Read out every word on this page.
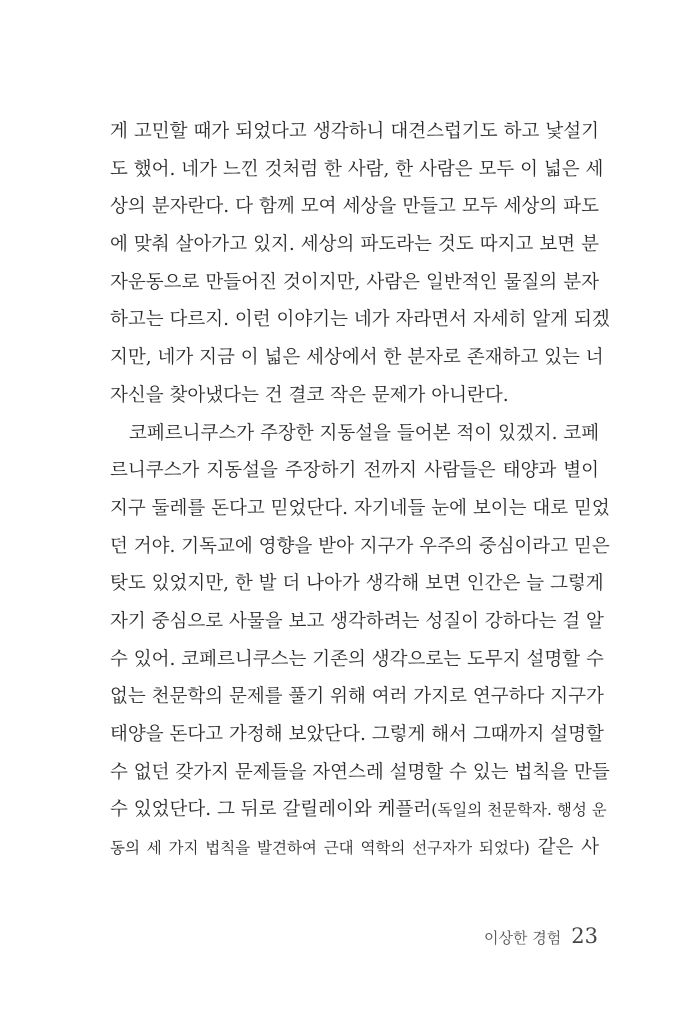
게 고민할 때가 되었다고 생각하니 대견스럽기도 하고 낯설기
도 했어. 네가 느낀 것처럼 한 사람, 한 사람은 모두 이 넓은 세
상의 분자란다. 다 함께 모여 세상을 만들고 모두 세상의 파도
에 맞춰 살아가고 있지. 세상의 파도라는 것도 따지고 보면 분
자운동으로 만들어진 것이지만, 사람은 일반적인 물질의 분자
하고는 다르지. 이런 이야기는 네가 자라면서 자세히 알게 되겠
지만, 네가 지금 이 넓은 세상에서 한 분자로 존재하고 있는 너
자신을 찾아냈다는 건 결코 작은 문제가 아니란다.
코페르니쿠스가 주장한 지동설을 들어본 적이 있겠지. 코페
르니쿠스가 지동설을 주장하기 전까지 사람들은 태양과 별이
지구 둘레를 돈다고 믿었단다. 자기네들 눈에 보이는 대로 믿었
던 거야. 기독교에 영향을 받아 지구가 우주의 중심이라고 믿은
탓도 있었지만, 한 발 더 나아가 생각해 보면 인간은 늘 그렇게
자기 중심으로 사물을 보고 생각하려는 성질이 강하다는 걸 알
수 있어. 코페르니쿠스는 기존의 생각으로는 도무지 설명할 수
없는 천문학의 문제를 풀기 위해 여러 가지로 연구하다 지구가
태양을 돈다고 가정해 보았단다. 그렇게 해서 그때까지 설명할
수 없던 갖가지 문제들을 자연스레 설명할 수 있는 법칙을 만들
수 있었단다. 그 뒤로 갈릴레이와 케플러(독일의 천문학자. 행성 운
동의 세 가지 법칙을 발견하여 근대 역학의 선구자가 되었다) 같은 사
이상한 경험 23
